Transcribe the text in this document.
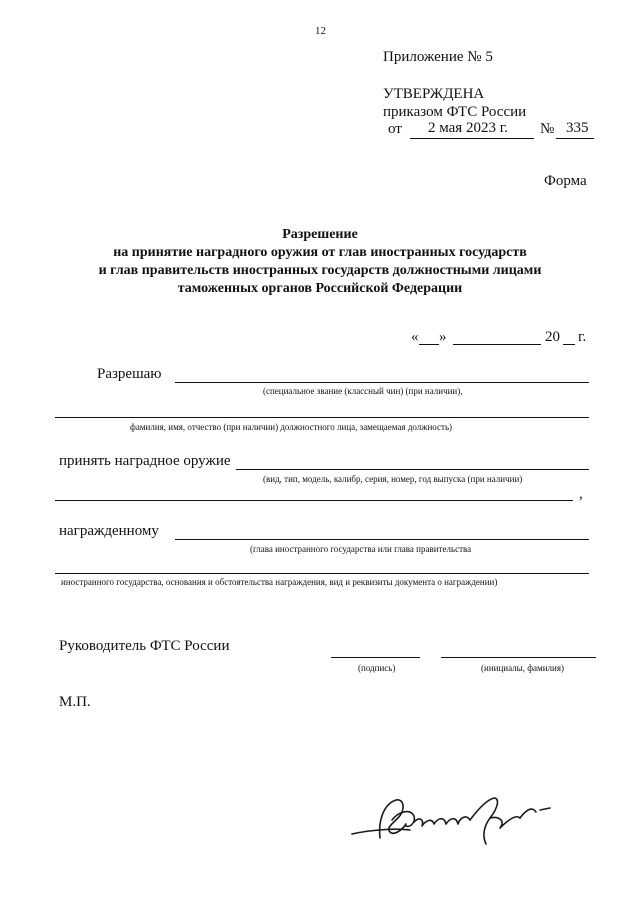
12
Приложение № 5
УТВЕРЖДЕНА
приказом ФТС России
от 2 мая 2023 г. № 335
Форма
Разрешение
на принятие наградного оружия от глав иностранных государств
и глав правительств иностранных государств должностными лицами
таможенных органов Российской Федерации
« »	20 г.
Разрешаю
(специальное звание (классный чин) (при наличии),
фамилия, имя, отчество (при наличии) должностного лица, замещаемая должность)
принять наградное оружие
(вид, тип, модель, калибр, серия, номер, год выпуска (при наличии)
,
награжденному
(глава иностранного государства или глава правительства
иностранного государства, основания и обстоятельства награждения, вид и реквизиты документа о награждении)
Руководитель ФТС России
(подпись)	(инициалы, фамилия)
М.П.
